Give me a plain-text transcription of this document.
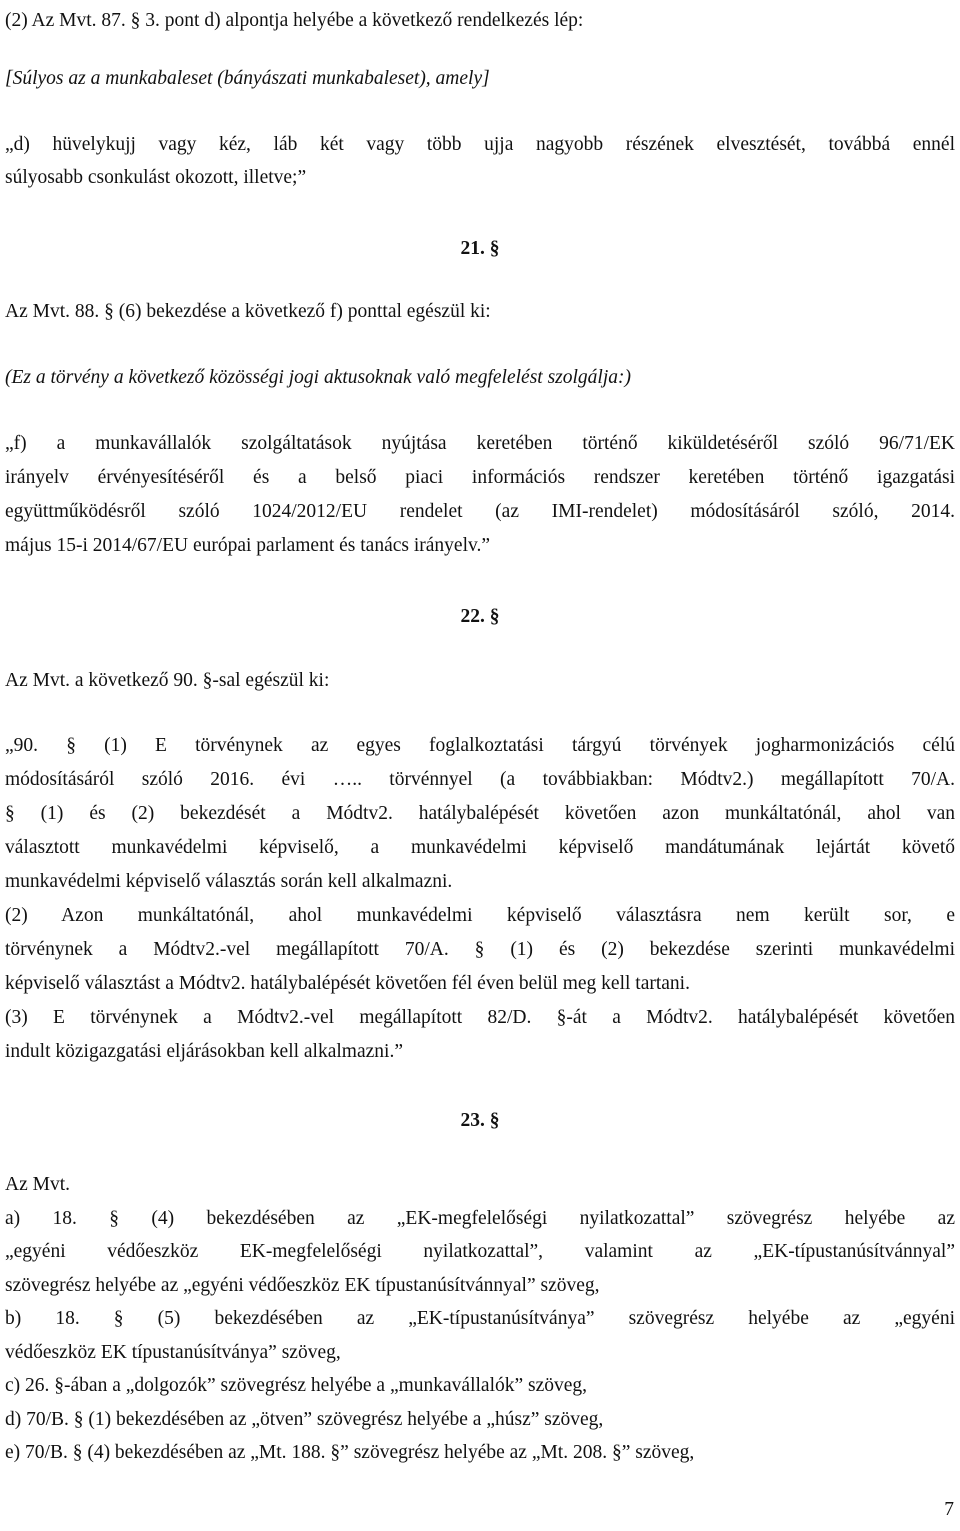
(2) Az Mvt. 87. § 3. pont d) alpontja helyébe a következő rendelkezés lép:
[Súlyos az a munkabaleset (bányászati munkabaleset), amely]
„d) hüvelykujj vagy kéz, láb két vagy több ujja nagyobb részének elvesztését, továbbá ennél
súlyosabb csonkulást okozott, illetve;”
21. §
Az Mvt. 88. § (6) bekezdése a következő f) ponttal egészül ki:
(Ez a törvény a következő közösségi jogi aktusoknak való megfelelést szolgálja:)
„f) a munkavállalók szolgáltatások nyújtása keretében történő kiküldetéséről szóló 96/71/EK
irányelv érvényesítéséről és a belső piaci információs rendszer keretében történő igazgatási
együttműködésről szóló 1024/2012/EU rendelet (az IMI-rendelet) módosításáról szóló, 2014.
május 15-i 2014/67/EU európai parlament és tanács irányelv.”
22. §
Az Mvt. a következő 90. §-sal egészül ki:
„90. § (1) E törvénynek az egyes foglalkoztatási tárgyú törvények jogharmonizációs célú
módosításáról szóló 2016. évi ….. törvénnyel (a továbbiakban: Módtv2.) megállapított 70/A.
§ (1) és (2) bekezdését a Módtv2. hatálybalépését követően azon munkáltatónál, ahol van
választott munkavédelmi képviselő, a munkavédelmi képviselő mandátumának lejártát követő
munkavédelmi képviselő választás során kell alkalmazni.
(2) Azon munkáltatónál, ahol munkavédelmi képviselő választásra nem került sor, e
törvénynek a Módtv2.-vel megállapított 70/A. § (1) és (2) bekezdése szerinti munkavédelmi
képviselő választást a Módtv2. hatálybalépését követően fél éven belül meg kell tartani.
(3) E törvénynek a Módtv2.-vel megállapított 82/D. §-át a Módtv2. hatálybalépését követően
indult közigazgatási eljárásokban kell alkalmazni.”
23. §
Az Mvt.
a) 18. § (4) bekezdésében az „EK-megfelelőségi nyilatkozattal” szövegrész helyébe az
„egyéni védőeszköz EK-megfelelőségi nyilatkozattal”, valamint az „EK-típustanúsítvánnyal”
szövegrész helyébe az „egyéni védőeszköz EK típustanúsítvánnyal” szöveg,
b) 18. § (5) bekezdésében az „EK-típustanúsítványa” szövegrész helyébe az „egyéni
védőeszköz EK típustanúsítványa” szöveg,
c) 26. §-ában a „dolgozók” szövegrész helyébe a „munkavállalók” szöveg,
d) 70/B. § (1) bekezdésében az „ötven” szövegrész helyébe a „húsz” szöveg,
e) 70/B. § (4) bekezdésében az „Mt. 188. §” szövegrész helyébe az „Mt. 208. §” szöveg,
7
